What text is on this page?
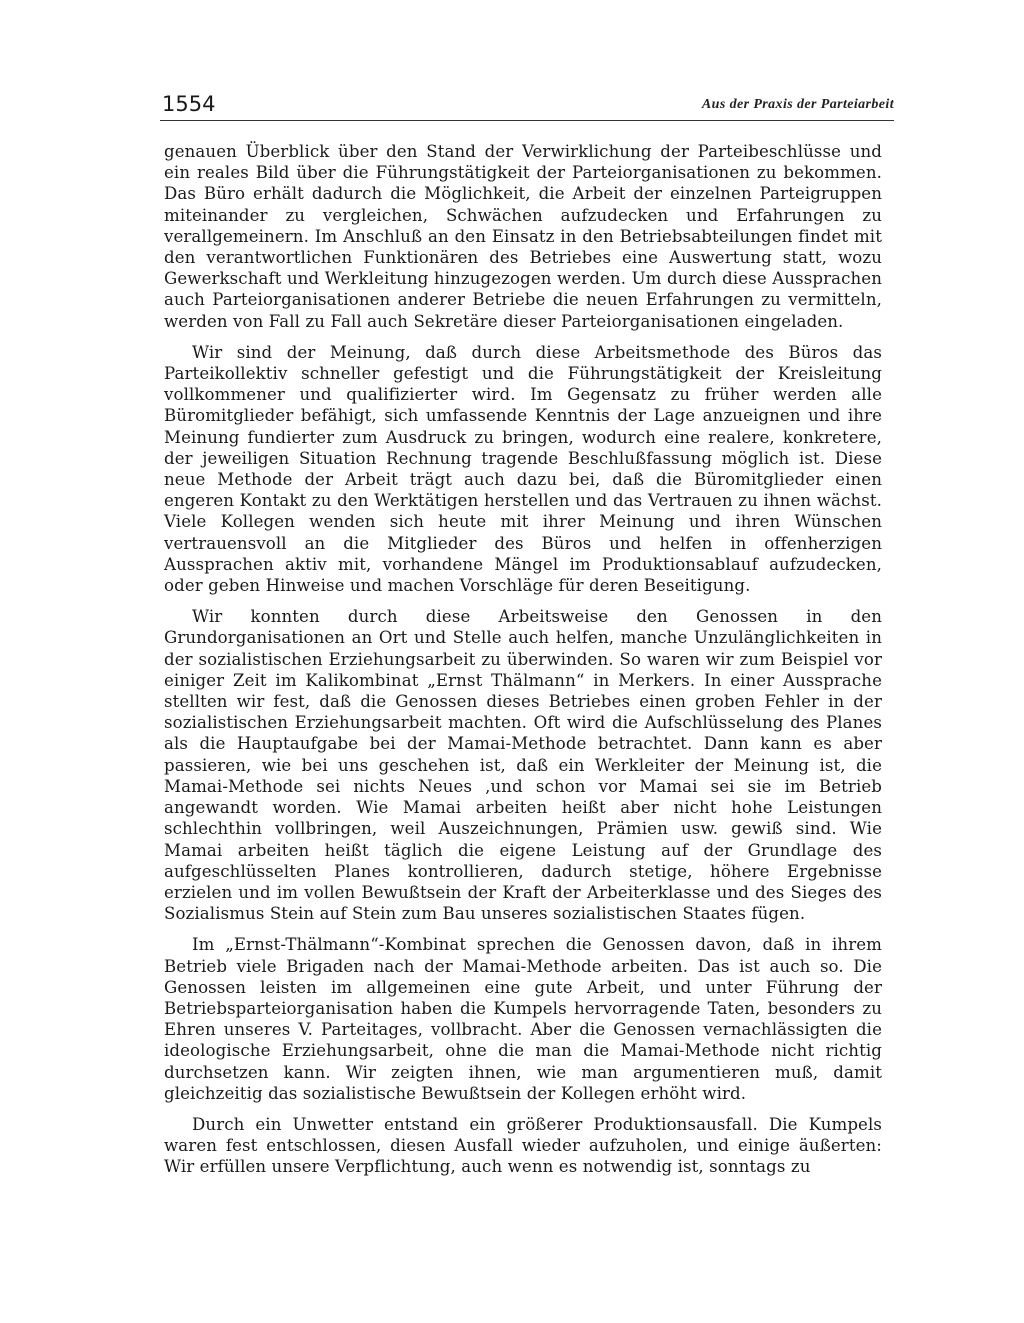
1554	Aus der Praxis der Parteiarbeit

genauen Überblick über den Stand der Verwirklichung der Parteibeschlüsse und ein reales Bild über die Führungstätigkeit der Parteiorganisationen zu bekommen. Das Büro erhält dadurch die Möglichkeit, die Arbeit der einzelnen Parteigruppen miteinander zu vergleichen, Schwächen aufzudecken und Erfahrungen zu verallgemeinern. Im Anschluß an den Einsatz in den Betriebsabteilungen findet mit den verantwortlichen Funktionären des Betriebes eine Auswertung statt, wozu Gewerkschaft und Werkleitung hinzugezogen werden. Um durch diese Aussprachen auch Parteiorganisationen anderer Betriebe die neuen Erfahrungen zu vermitteln, werden von Fall zu Fall auch Sekretäre dieser Parteiorganisationen eingeladen.

Wir sind der Meinung, daß durch diese Arbeitsmethode des Büros das Parteikollektiv schneller gefestigt und die Führungstätigkeit der Kreisleitung vollkommener und qualifizierter wird. Im Gegensatz zu früher werden alle Büromitglieder befähigt, sich umfassende Kenntnis der Lage anzueignen und ihre Meinung fundierter zum Ausdruck zu bringen, wodurch eine realere, konkretere, der jeweiligen Situation Rechnung tragende Beschlußfassung möglich ist. Diese neue Methode der Arbeit trägt auch dazu bei, daß die Büromitglieder einen engeren Kontakt zu den Werktätigen herstellen und das Vertrauen zu ihnen wächst. Viele Kollegen wenden sich heute mit ihrer Meinung und ihren Wünschen vertrauensvoll an die Mitglieder des Büros und helfen in offenherzigen Aussprachen aktiv mit, vorhandene Mängel im Produktionsablauf aufzudecken, oder geben Hinweise und machen Vorschläge für deren Beseitigung.

Wir konnten durch diese Arbeitsweise den Genossen in den Grundorganisationen an Ort und Stelle auch helfen, manche Unzulänglichkeiten in der sozialistischen Erziehungsarbeit zu überwinden. So waren wir zum Beispiel vor einiger Zeit im Kalikombinat „Ernst Thälmann“ in Merkers. In einer Aussprache stellten wir fest, daß die Genossen dieses Betriebes einen groben Fehler in der sozialistischen Erziehungsarbeit machten. Oft wird die Aufschlüsselung des Planes als die Hauptaufgabe bei der Mamai-Methode betrachtet. Dann kann es aber passieren, wie bei uns geschehen ist, daß ein Werkleiter der Meinung ist, die Mamai-Methode sei nichts Neues ,und schon vor Mamai sei sie im Betrieb angewandt worden. Wie Mamai arbeiten heißt aber nicht hohe Leistungen schlechthin vollbringen, weil Auszeichnungen, Prämien usw. gewiß sind. Wie Mamai arbeiten heißt täglich die eigene Leistung auf der Grundlage des aufgeschlüsselten Planes kontrollieren, dadurch stetige, höhere Ergebnisse erzielen und im vollen Bewußtsein der Kraft der Arbeiterklasse und des Sieges des Sozialismus Stein auf Stein zum Bau unseres sozialistischen Staates fügen.

Im „Ernst-Thälmann“-Kombinat sprechen die Genossen davon, daß in ihrem Betrieb viele Brigaden nach der Mamai-Methode arbeiten. Das ist auch so. Die Genossen leisten im allgemeinen eine gute Arbeit, und unter Führung der Betriebsparteiorganisation haben die Kumpels hervorragende Taten, besonders zu Ehren unseres V. Parteitages, vollbracht. Aber die Genossen vernachlässigten die ideologische Erziehungsarbeit, ohne die man die Mamai-Methode nicht richtig durchsetzen kann. Wir zeigten ihnen, wie man argumentieren muß, damit gleichzeitig das sozialistische Bewußtsein der Kollegen erhöht wird.

Durch ein Unwetter entstand ein größerer Produktionsausfall. Die Kumpels waren fest entschlossen, diesen Ausfall wieder aufzuholen, und einige äußerten: Wir erfüllen unsere Verpflichtung, auch wenn es notwendig ist, sonntags zu
